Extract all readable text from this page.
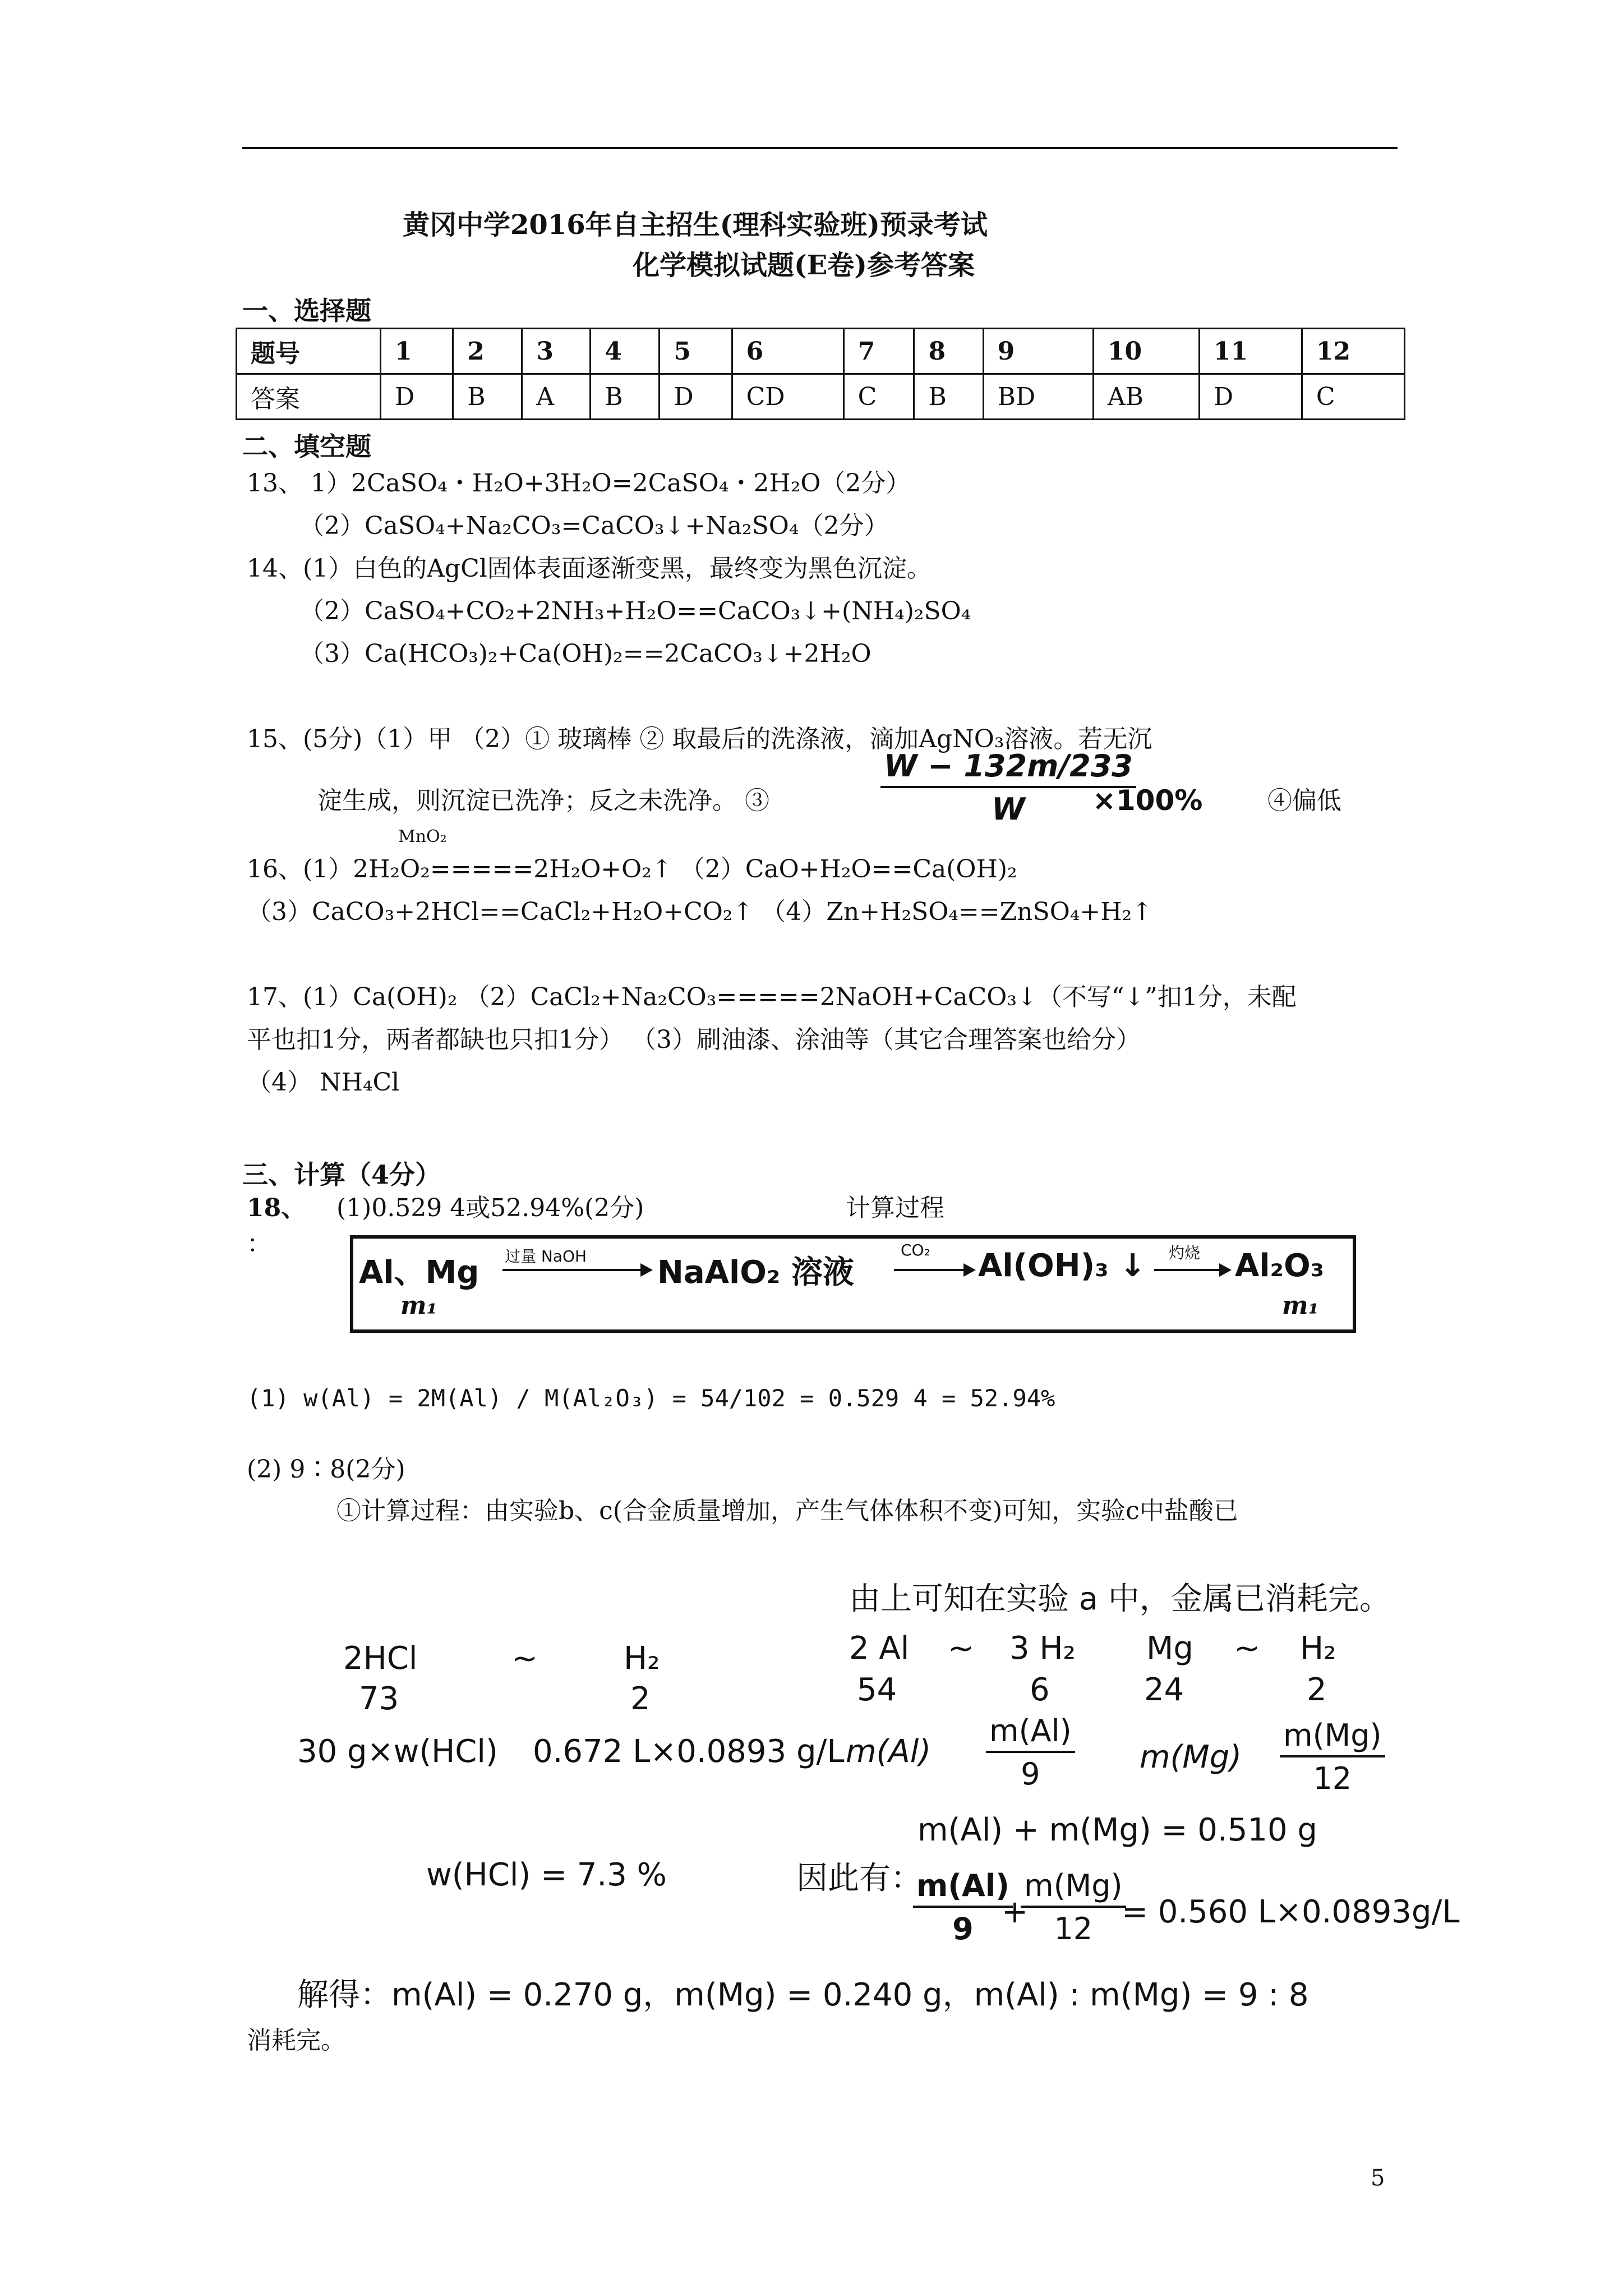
黄冈中学2016年自主招生(理科实验班)预录考试
化学模拟试题(E卷)参考答案
一、选择题
题号	1	2	3	4	5	6	7	8	9	10	11	12
答案	D	B	A	B	D	CD	C	B	BD	AB	D	C
二、填空题
13、 1）2CaSO₄・H₂O+3H₂O=2CaSO₄・2H₂O（2分）
（2）CaSO₄+Na₂CO₃=CaCO₃↓+Na₂SO₄（2分）
14、(1）白色的AgCl固体表面逐渐变黑，最终变为黑色沉淀。
（2）CaSO₄+CO₂+2NH₃+H₂O==CaCO₃↓+(NH₄)₂SO₄
（3）Ca(HCO₃)₂+Ca(OH)₂==2CaCO₃↓+2H₂O
15、(5分)（1）甲 （2）① 玻璃棒 ② 取最后的洗涤液，滴加AgNO₃溶液。若无沉
淀生成，则沉淀已洗净；反之未洗净。 ③	$\frac{W - 132m/233}{W}$
×100%	④偏低
MnO₂
16、(1）2H₂O₂=====2H₂O+O₂↑ （2）CaO+H₂O==Ca(OH)₂
（3）CaCO₃+2HCl==CaCl₂+H₂O+CO₂↑ （4）Zn+H₂SO₄==ZnSO₄+H₂↑
17、(1）Ca(OH)₂ （2）CaCl₂+Na₂CO₃=====2NaOH+CaCO₃↓（不写“↓”扣1分，未配
平也扣1分，两者都缺也只扣1分） （3）刷油漆、涂油等（其它合理答案也给分）
（4） NH₄Cl
三、计算（4分）
18、 (1)0.529 4或52.94%(2分)	计算过程
：
Al、Mg 过量 NaOH NaAlO₂ 溶液
CO₂ Al(OH)₃ ↓ 灼烧 Al₂O₃
m₁	m₁
(1) w(Al) = 2M(Al) / M(Al₂O₃) = 54/102 = 0.529 4 = 52.94%
(2) 9∶8(2分)
①计算过程：由实验b、c(合金质量增加，产生气体体积不变)可知，实验c中盐酸已
由上可知在实验 a 中，金属已消耗完。
2HCl	~	H₂
73	2
30 g×w(HCl) 0.672 L×0.0893 g/L
2 Al ~ 3 H₂
54	6
$m(Al) \frac{m(Al)}{9}$
Mg ~ H₂
24	2
$m(Mg) \frac{m(Mg)}{12}$
w(HCl) = 7.3 %	因此有：
m(Al) + m(Mg) = 0.510 g
$\frac{m(Al)}{9}$
+
$\frac{m(Mg)}{12}$
= 0.560 L×0.0893g/L
解得：m(Al) = 0.270 g，m(Mg) = 0.240 g，m(Al) : m(Mg) = 9 : 8
消耗完。
5
